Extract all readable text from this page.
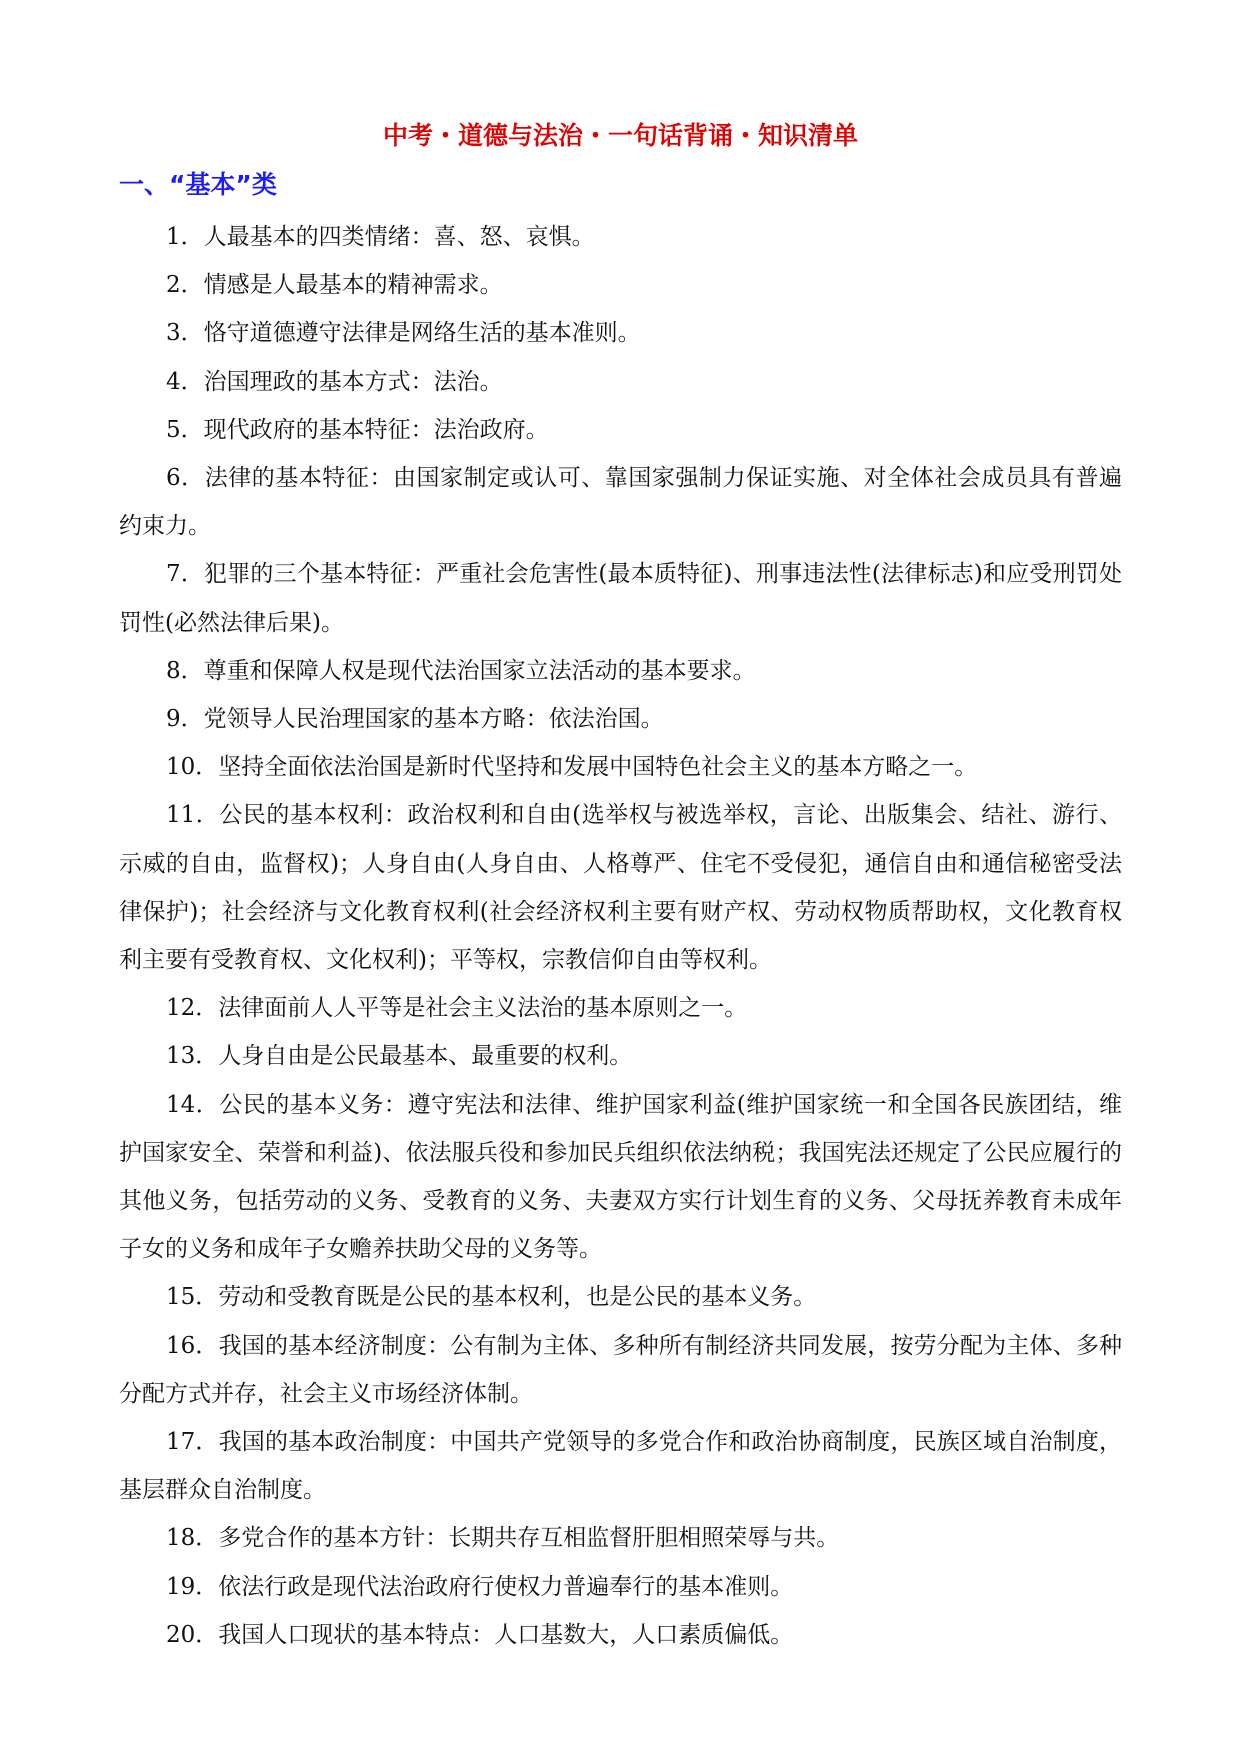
中考・道德与法治・一句话背诵・知识清单
一、“基本”类
1．人最基本的四类情绪：喜、怒、哀惧。
2．情感是人最基本的精神需求。
3．恪守道德遵守法律是网络生活的基本准则。
4．治国理政的基本方式：法治。
5．现代政府的基本特征：法治政府。
6．法律的基本特征：由国家制定或认可、靠国家强制力保证实施、对全体社会成员具有普遍约束力。
7．犯罪的三个基本特征：严重社会危害性(最本质特征)、刑事违法性(法律标志)和应受刑罚处罚性(必然法律后果)。
8．尊重和保障人权是现代法治国家立法活动的基本要求。
9．党领导人民治理国家的基本方略：依法治国。
10．坚持全面依法治国是新时代坚持和发展中国特色社会主义的基本方略之一。
11．公民的基本权利：政治权利和自由(选举权与被选举权，言论、出版集会、结社、游行、示威的自由，监督权)；人身自由(人身自由、人格尊严、住宅不受侵犯，通信自由和通信秘密受法律保护)；社会经济与文化教育权利(社会经济权利主要有财产权、劳动权物质帮助权，文化教育权利主要有受教育权、文化权利)；平等权，宗教信仰自由等权利。
12．法律面前人人平等是社会主义法治的基本原则之一。
13．人身自由是公民最基本、最重要的权利。
14．公民的基本义务：遵守宪法和法律、维护国家利益(维护国家统一和全国各民族团结，维护国家安全、荣誉和利益)、依法服兵役和参加民兵组织依法纳税；我国宪法还规定了公民应履行的其他义务，包括劳动的义务、受教育的义务、夫妻双方实行计划生育的义务、父母抚养教育未成年子女的义务和成年子女赡养扶助父母的义务等。
15．劳动和受教育既是公民的基本权利，也是公民的基本义务。
16．我国的基本经济制度：公有制为主体、多种所有制经济共同发展，按劳分配为主体、多种分配方式并存，社会主义市场经济体制。
17．我国的基本政治制度：中国共产党领导的多党合作和政治协商制度，民族区域自治制度，基层群众自治制度。
18．多党合作的基本方针：长期共存互相监督肝胆相照荣辱与共。
19．依法行政是现代法治政府行使权力普遍奉行的基本准则。
20．我国人口现状的基本特点：人口基数大，人口素质偏低。
